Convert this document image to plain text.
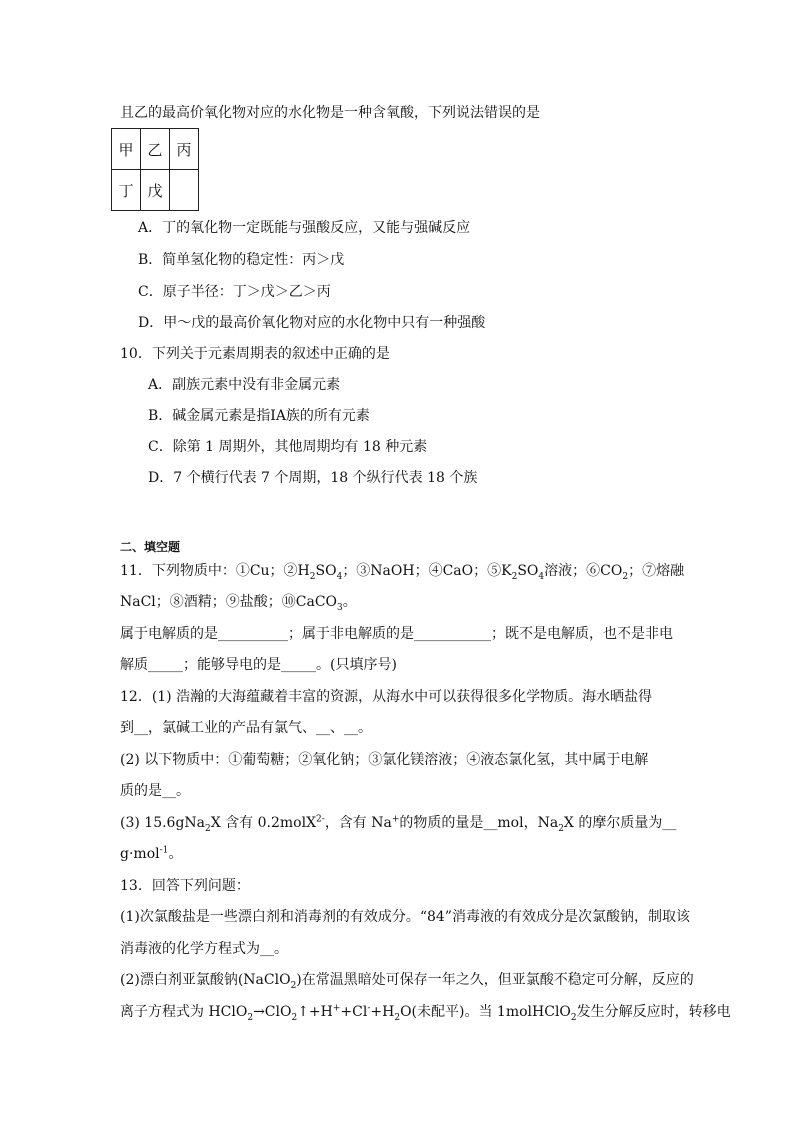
且乙的最高价氧化物对应的水化物是一种含氧酸，下列说法错误的是
甲	乙	丙
丁	戊	
A．丁的氧化物一定既能与强酸反应，又能与强碱反应
B．简单氢化物的稳定性：丙＞戊
C．原子半径：丁＞戊＞乙＞丙
D．甲～戊的最高价氧化物对应的水化物中只有一种强酸
10．下列关于元素周期表的叙述中正确的是
A．副族元素中没有非金属元素
B．碱金属元素是指ⅠA族的所有元素
C．除第 1 周期外，其他周期均有 18 种元素
D．7 个横行代表 7 个周期，18 个纵行代表 18 个族
二、填空题
11．下列物质中：①Cu；$②H_2SO_4$；③NaOH；④CaO；$⑤K_2SO_4$溶液；$⑥CO_2$；⑦熔融
NaCl；⑧酒精；⑨盐酸；⑩CaCO$_3$。
属于电解质的是__________；属于非电解质的是___________；既不是电解质，也不是非电
解质_____；能够导电的是_____。(只填序号)
12．(1) 浩瀚的大海蕴藏着丰富的资源，从海水中可以获得很多化学物质。海水晒盐得
到__，氯碱工业的产品有氯气、__、__。
(2) 以下物质中：①葡萄糖；②氧化钠；③氯化镁溶液；④液态氯化氢，其中属于电解
质的是__。
(3) 15.6gNa$_2$X 含有 0.2molX$^{2-}$，含有 Na+的物质的量是__mol，$Na_2X$ 的摩尔质量为__
g·mol$^{-1}$。
13．回答下列问题：
(1)次氯酸盐是一些漂白剂和消毒剂的有效成分。“84”消毒液的有效成分是次氯酸钠，制取该
消毒液的化学方程式为__。
(2)漂白剂亚氯酸钠(NaClO$_2$)在常温黑暗处可保存一年之久，但亚氯酸不稳定可分解，反应的
离子方程式为 $HClO_2\to ClO_2↑+H^++Cl^-+H_2O$(未配平)。当 1molHClO$_2$发生分解反应时，转移电
